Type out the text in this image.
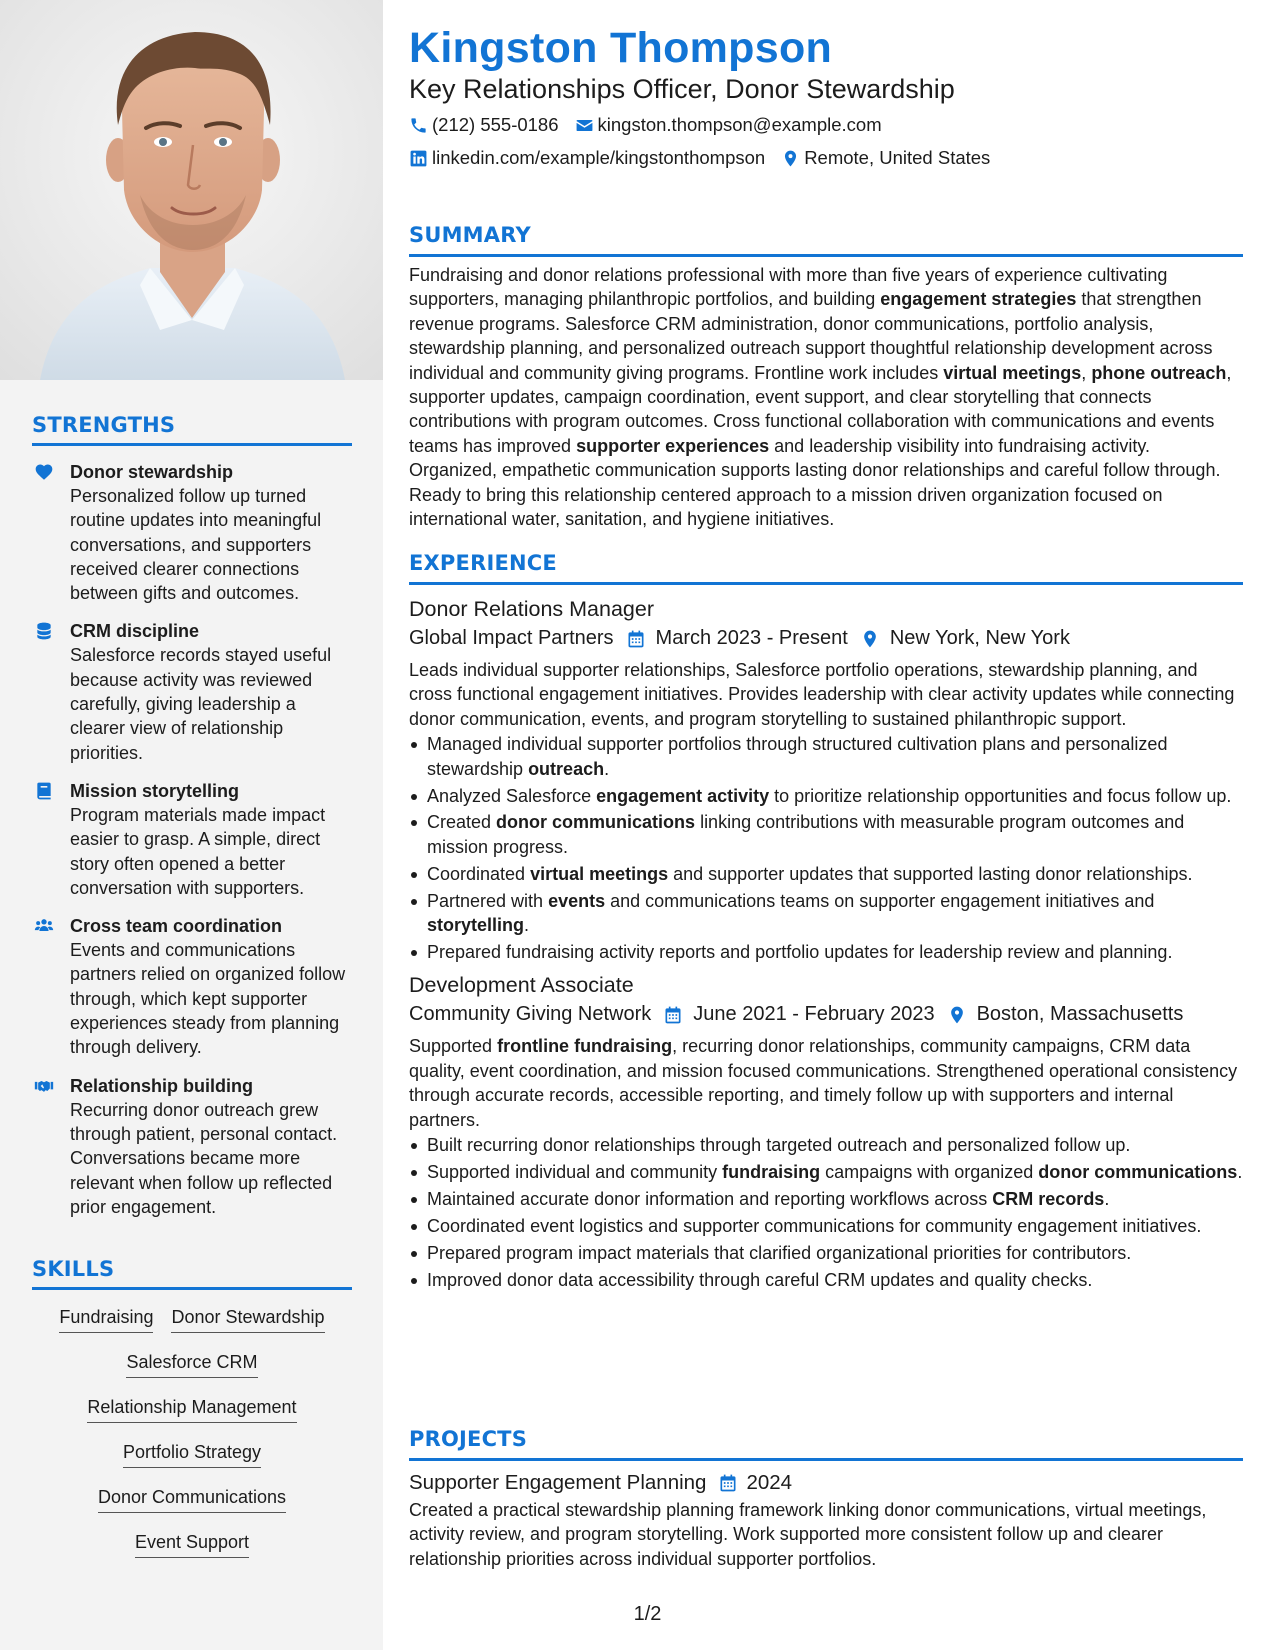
STRENGTHS
Donor stewardship
Personalized follow up turned routine updates into meaningful conversations, and supporters received clearer connections between gifts and outcomes.
CRM discipline
Salesforce records stayed useful because activity was reviewed carefully, giving leadership a clearer view of relationship priorities.
Mission storytelling
Program materials made impact easier to grasp. A simple, direct story often opened a better conversation with supporters.
Cross team coordination
Events and communications partners relied on organized follow through, which kept supporter experiences steady from planning through delivery.
Relationship building
Recurring donor outreach grew through patient, personal contact. Conversations became more relevant when follow up reflected prior engagement.
SKILLS
Fundraising Donor Stewardship
Salesforce CRM
Relationship Management
Portfolio Strategy
Donor Communications
Event Support
Kingston Thompson
Key Relationships Officer, Donor Stewardship
(212) 555-0186 kingston.thompson@example.com
linkedin.com/example/kingstonthompson Remote, United States
SUMMARY

Fundraising and donor relations professional with more than five years of experience cultivating supporters, managing philanthropic portfolios, and building engagement strategies that strengthen revenue programs. Salesforce CRM administration, donor communications, portfolio analysis, stewardship planning, and personalized outreach support thoughtful relationship development across individual and community giving programs. Frontline work includes virtual meetings, phone outreach, supporter updates, campaign coordination, event support, and clear storytelling that connects contributions with program outcomes. Cross functional collaboration with communications and events teams has improved supporter experiences and leadership visibility into fundraising activity. Organized, empathetic communication supports lasting donor relationships and careful follow through. Ready to bring this relationship centered approach to a mission driven organization focused on international water, sanitation, and hygiene initiatives.

EXPERIENCE
Donor Relations Manager
Global Impact Partners March 2023 - Present New York, New York

Leads individual supporter relationships, Salesforce portfolio operations, stewardship planning, and cross functional engagement initiatives. Provides leadership with clear activity updates while connecting donor communication, events, and program storytelling to sustained philanthropic support.

Managed individual supporter portfolios through structured cultivation plans and personalized stewardship outreach.
Analyzed Salesforce engagement activity to prioritize relationship opportunities and focus follow up.
Created donor communications linking contributions with measurable program outcomes and mission progress.
Coordinated virtual meetings and supporter updates that supported lasting donor relationships.
Partnered with events and communications teams on supporter engagement initiatives and storytelling.
Prepared fundraising activity reports and portfolio updates for leadership review and planning.
Development Associate
Community Giving Network June 2021 - February 2023 Boston, Massachusetts

Supported frontline fundraising, recurring donor relationships, community campaigns, CRM data quality, event coordination, and mission focused communications. Strengthened operational consistency through accurate records, accessible reporting, and timely follow up with supporters and internal partners.

Built recurring donor relationships through targeted outreach and personalized follow up.
Supported individual and community fundraising campaigns with organized donor communications.
Maintained accurate donor information and reporting workflows across CRM records.
Coordinated event logistics and supporter communications for community engagement initiatives.
Prepared program impact materials that clarified organizational priorities for contributors.
Improved donor data accessibility through careful CRM updates and quality checks.
PROJECTS
Supporter Engagement Planning 2024

Created a practical stewardship planning framework linking donor communications, virtual meetings, activity review, and program storytelling. Work supported more consistent follow up and clearer relationship priorities across individual supporter portfolios.

1/2
